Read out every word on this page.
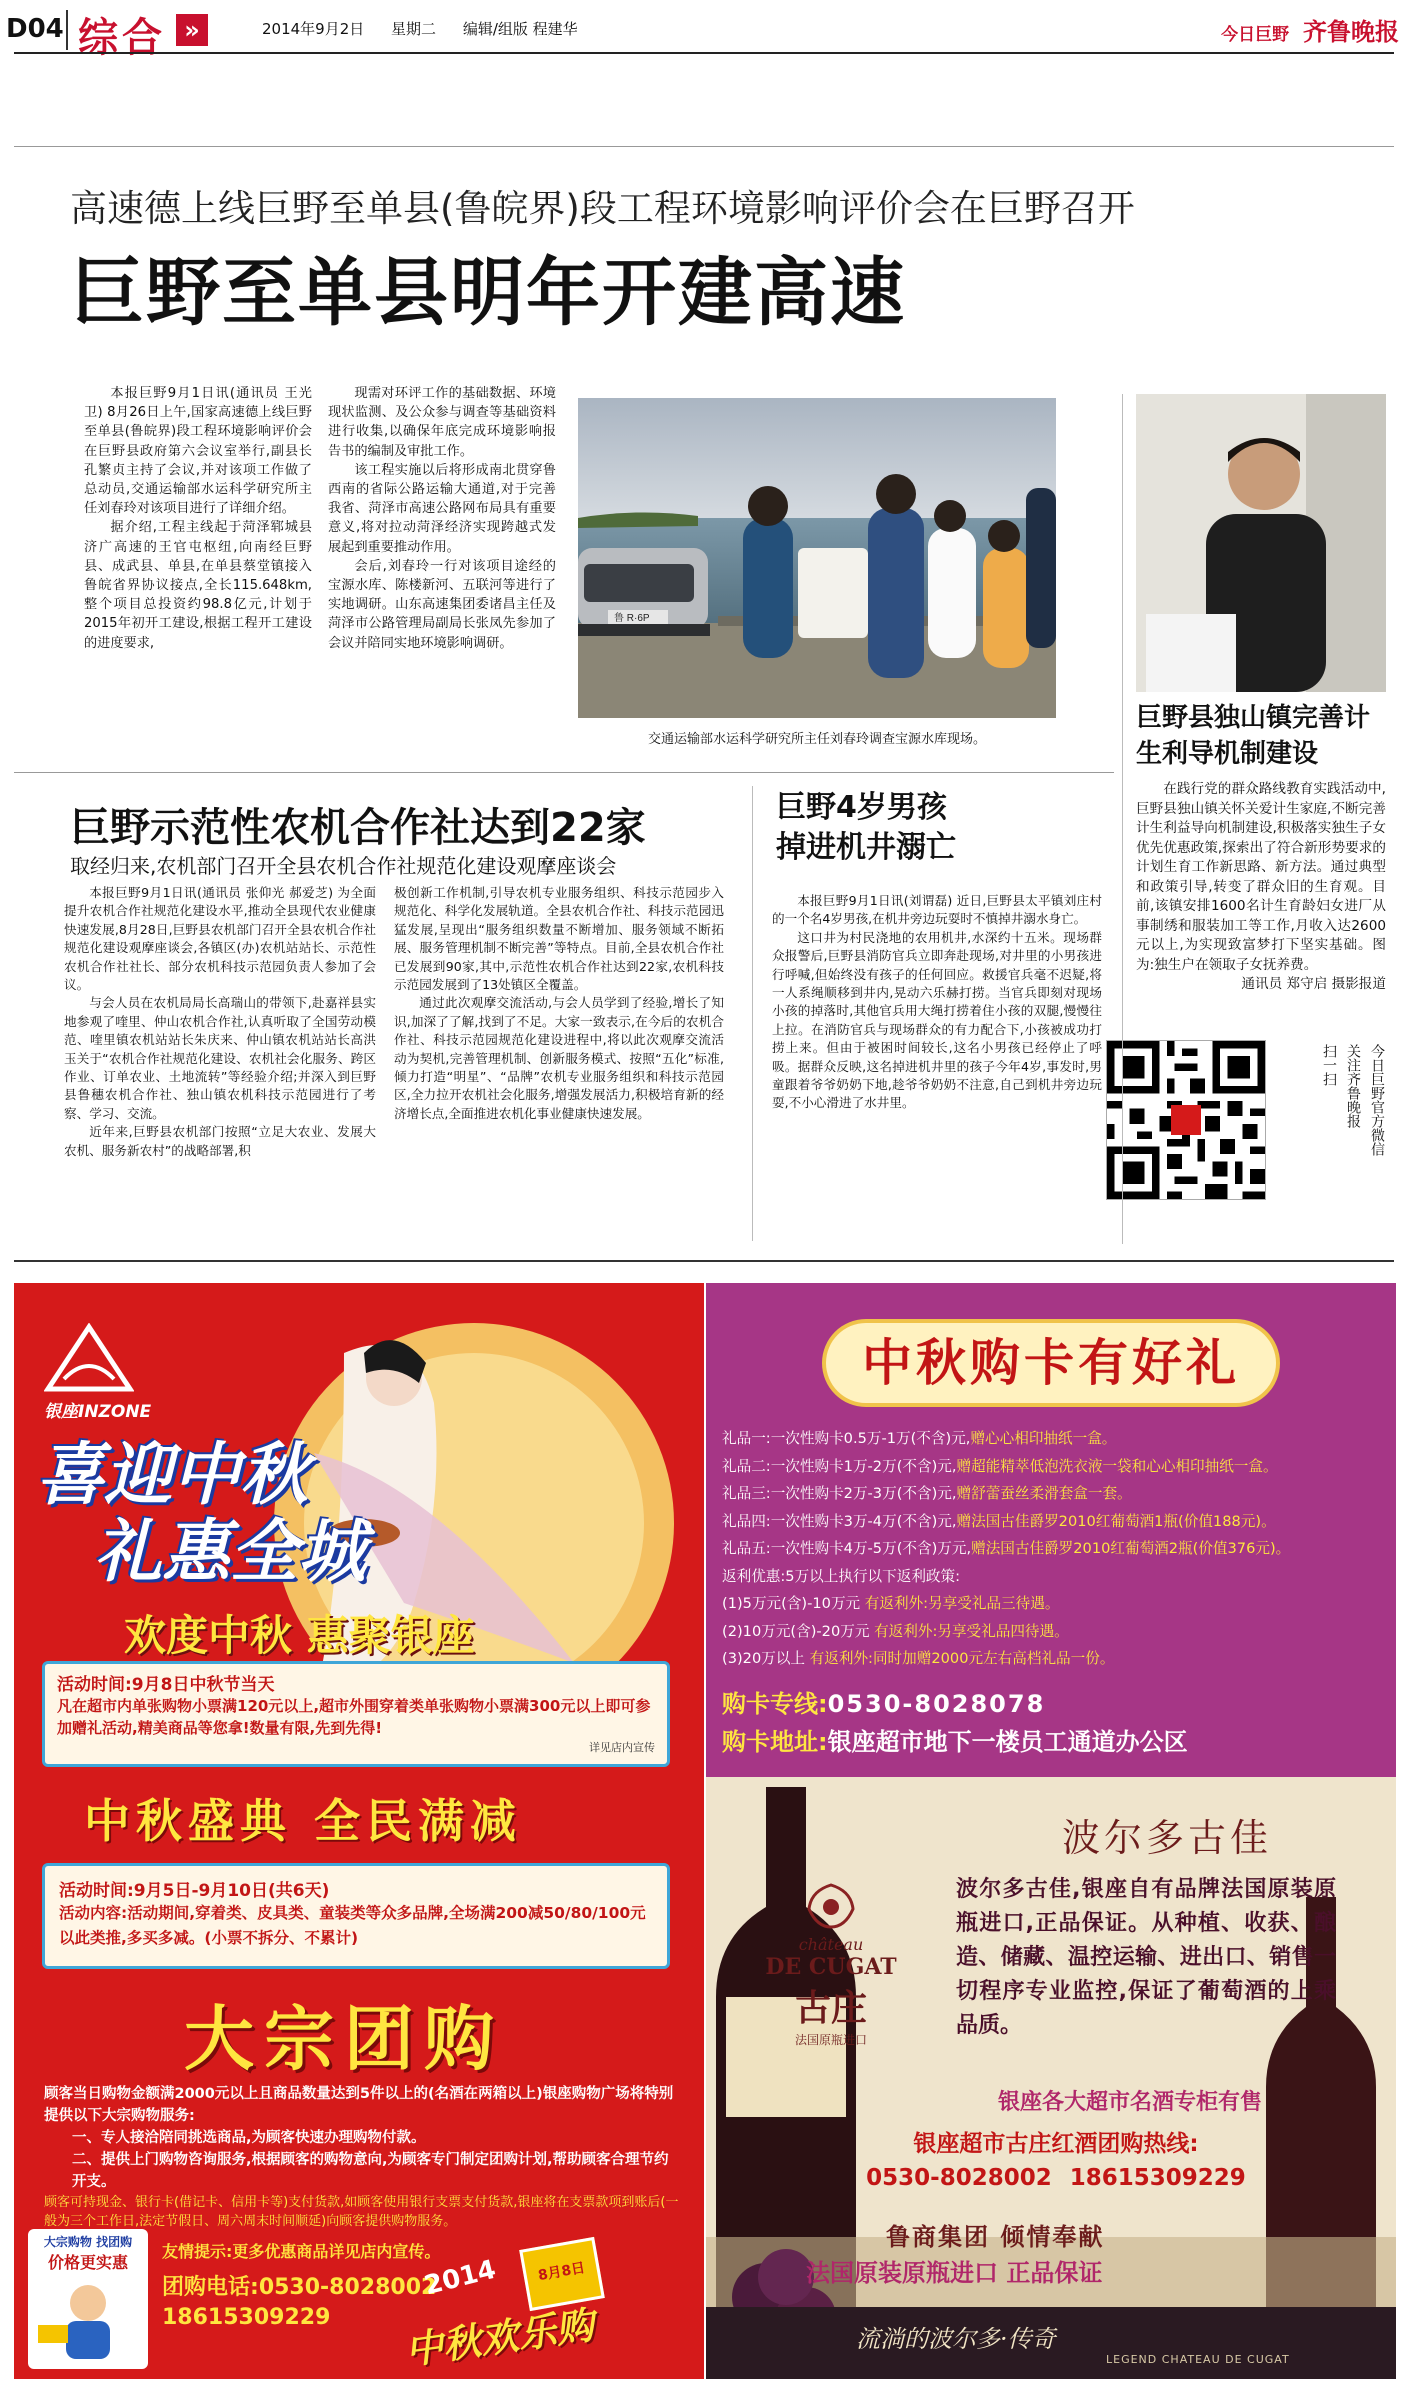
D04 综合 »	2014年9月2日 星期二 编辑/组版 程建华	今日巨野 齐鲁晚报
高速德上线巨野至单县(鲁皖界)段工程环境影响评价会在巨野召开
巨野至单县明年开建高速

本报巨野9月1日讯(通讯员 王光卫) 8月26日上午,国家高速德上线巨野至单县(鲁皖界)段工程环境影响评价会在巨野县政府第六会议室举行,副县长孔繁贞主持了会议,并对该项工作做了总动员,交通运输部水运科学研究所主任刘春玲对该项目进行了详细介绍。

据介绍,工程主线起于菏泽郓城县济广高速的王官屯枢纽,向南经巨野县、成武县、单县,在单县蔡堂镇接入鲁皖省界协议接点,全长115.648km,整个项目总投资约98.8亿元,计划于2015年初开工建设,根据工程开工建设的进度要求,

现需对环评工作的基础数据、环境现状监测、及公众参与调查等基础资料进行收集,以确保年底完成环境影响报告书的编制及审批工作。

该工程实施以后将形成南北贯穿鲁西南的省际公路运输大通道,对于完善我省、菏泽市高速公路网布局具有重要意义,将对拉动菏泽经济实现跨越式发展起到重要推动作用。

会后,刘春玲一行对该项目途经的宝源水库、陈楼新河、五联河等进行了实地调研。山东高速集团委诸昌主任及菏泽市公路管理局副局长张凤先参加了会议并陪同实地环境影响调研。

鲁 R·6P
交通运输部水运科学研究所主任刘春玲调查宝源水库现场。
巨野县独山镇完善计生利导机制建设

在践行党的群众路线教育实践活动中,巨野县独山镇关怀关爱计生家庭,不断完善计生利益导向机制建设,积极落实独生子女优先优惠政策,探索出了符合新形势要求的计划生育工作新思路、新方法。通过典型和政策引导,转变了群众旧的生育观。目前,该镇安排1600名计生育龄妇女进厂从事制绣和服装加工等工作,月收入达2600元以上,为实现致富梦打下坚实基础。图为:独生户在领取子女抚养费。

通讯员 郑守启 摄影报道

今日巨野官方微信
关注齐鲁晚报
扫一扫
巨野示范性农机合作社达到22家
取经归来,农机部门召开全县农机合作社规范化建设观摩座谈会

本报巨野9月1日讯(通讯员 张仰光 郝爱芝) 为全面提升农机合作社规范化建设水平,推动全县现代农业健康快速发展,8月28日,巨野县农机部门召开全县农机合作社规范化建设观摩座谈会,各镇区(办)农机站站长、示范性农机合作社社长、部分农机科技示范园负责人参加了会议。

与会人员在农机局局长高瑞山的带领下,赴嘉祥县实地参观了喹里、仲山农机合作社,认真听取了全国劳动模范、喹里镇农机站站长朱庆来、仲山镇农机站站长高洪玉关于“农机合作社规范化建设、农机社会化服务、跨区作业、订单农业、土地流转”等经验介绍;并深入到巨野县鲁穗农机合作社、独山镇农机科技示范园进行了考察、学习、交流。

近年来,巨野县农机部门按照“立足大农业、发展大农机、服务新农村”的战略部署,积

极创新工作机制,引导农机专业服务组织、科技示范园步入规范化、科学化发展轨道。全县农机合作社、科技示范园迅猛发展,呈现出“服务组织数量不断增加、服务领域不断拓展、服务管理机制不断完善”等特点。目前,全县农机合作社已发展到90家,其中,示范性农机合作社达到22家,农机科技示范园发展到了13处镇区全覆盖。

通过此次观摩交流活动,与会人员学到了经验,增长了知识,加深了了解,找到了不足。大家一致表示,在今后的农机合作社、科技示范园规范化建设进程中,将以此次观摩交流活动为契机,完善管理机制、创新服务模式、按照“五化”标准,倾力打造“明星”、“品牌”农机专业服务组织和科技示范园区,全力拉开农机社会化服务,增强发展活力,积极培育新的经济增长点,全面推进农机化事业健康快速发展。

巨野4岁男孩掉进机井溺亡

本报巨野9月1日讯(刘谓磊) 近日,巨野县太平镇刘庄村的一个名4岁男孩,在机井旁边玩耍时不慎掉井溺水身亡。

这口井为村民浇地的农用机井,水深约十五米。现场群众报警后,巨野县消防官兵立即奔赴现场,对井里的小男孩进行呼喊,但始终没有孩子的任何回应。救援官兵毫不迟疑,将一人系绳顺移到井内,晃动六乐赫打捞。当官兵即刻对现场小孩的掉落时,其他官兵用大绳打捞着住小孩的双腿,慢慢往上拉。在消防官兵与现场群众的有力配合下,小孩被成功打捞上来。但由于被困时间较长,这名小男孩已经停止了呼吸。据群众反映,这名掉进机井里的孩子今年4岁,事发时,男童跟着爷爷奶奶下地,趁爷爷奶奶不注意,自己到机井旁边玩耍,不小心滑进了水井里。

银座INZONE
喜迎中秋
礼惠全城
欢度中秋 惠聚银座
活动时间:9月8日中秋节当天
凡在超市内单张购物小票满120元以上,超市外围穿着类单张购物小票满300元以上即可参加赠礼活动,精美商品等您拿!数量有限,先到先得!
详见店内宣传
中秋盛典 全民满减
活动时间:9月5日-9月10日(共6天)
活动内容:活动期间,穿着类、皮具类、童装类等众多品牌,全场满200减50/80/100元以此类推,多买多减。(小票不拆分、不累计)
大宗团购
顾客当日购物金额满2000元以上且商品数量达到5件以上的(名酒在两箱以上)银座购物广场将特别提供以下大宗购物服务:
一、专人接洽陪同挑选商品,为顾客快速办理购物付款。
二、提供上门购物咨询服务,根据顾客的购物意向,为顾客专门制定团购计划,帮助顾客合理节约开支。
顾客可持现金、银行卡(借记卡、信用卡等)支付货款,如顾客使用银行支票支付货款,银座将在支票款项到账后(一般为三个工作日,法定节假日、周六周末时间顺延)向顾客提供购物服务。
大宗购物 找团购
价格更实惠
友情提示:更多优惠商品详见店内宣传。
团购电话:0530-8028002
18615309229
2014	8月8日
中秋欢乐购
中秋购卡有好礼
礼品一:一次性购卡0.5万-1万(不含)元,赠心心相印抽纸一盒。
礼品二:一次性购卡1万-2万(不含)元,赠超能精萃低泡洗衣液一袋和心心相印抽纸一盒。
礼品三:一次性购卡2万-3万(不含)元,赠舒蕾蚕丝柔滑套盒一套。
礼品四:一次性购卡3万-4万(不含)元,赠法国古佳爵罗2010红葡萄酒1瓶(价值188元)。
礼品五:一次性购卡4万-5万(不含)万元,赠法国古佳爵罗2010红葡萄酒2瓶(价值376元)。
返利优惠:5万以上执行以下返利政策:
(1)5万元(含)-10万元 有返利外:另享受礼品三待遇。
(2)10万元(含)-20万元 有返利外:另享受礼品四待遇。
(3)20万以上 有返利外:同时加赠2000元左右高档礼品一份。
购卡专线:0530-8028078
购卡地址:银座超市地下一楼员工通道办公区
château
DE CUGAT
古庄
法国原瓶进口
波尔多古佳
波尔多古佳,银座自有品牌法国原装原瓶进口,正品保证。从种植、收获、酿造、储藏、温控运输、进出口、销售一切程序专业监控,保证了葡萄酒的上乘品质。
银座各大超市名酒专柜有售
银座超市古庄红酒团购热线:
0530-8028002 18615309229
鲁商集团 倾情奉献
法国原装原瓶进口 正品保证
流淌的波尔多·传奇
LEGEND CHATEAU DE CUGAT
